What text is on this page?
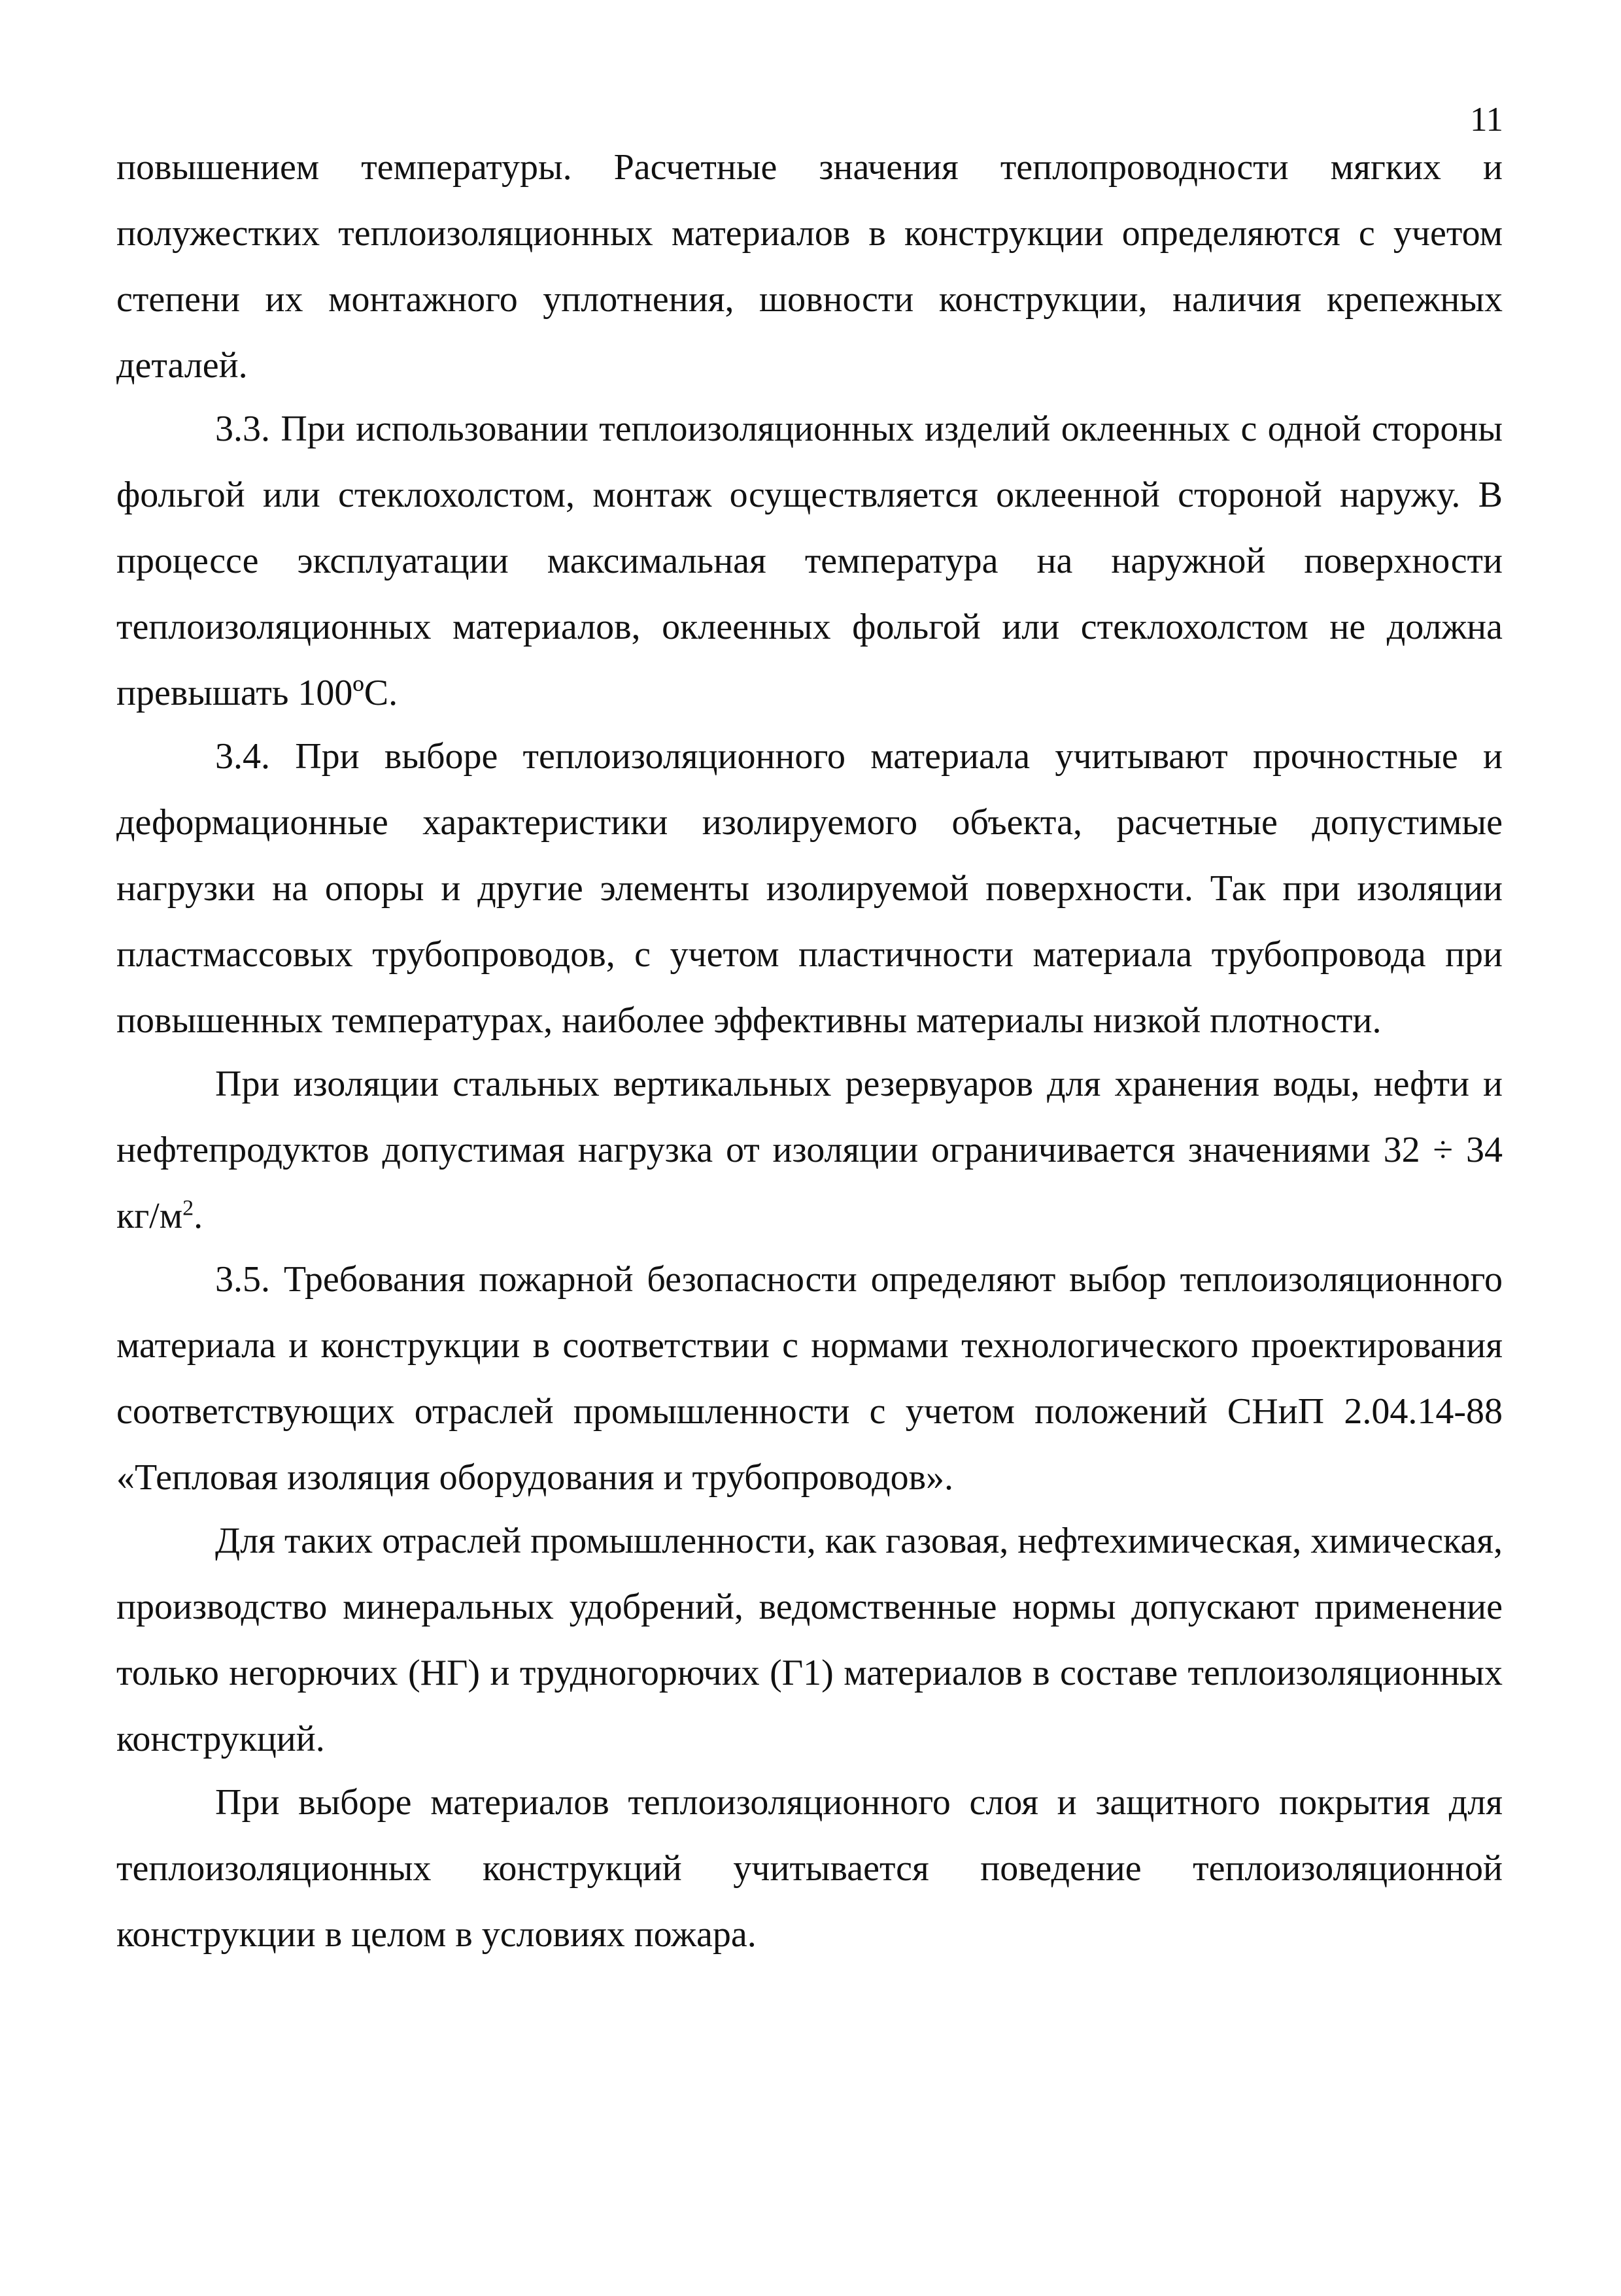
11

повышением температуры. Расчетные значения теплопроводности мягких и полужестких теплоизоляционных материалов в конструкции определяются с учетом степени их монтажного уплотнения, шовности конструкции, наличия крепежных деталей.

3.3. При использовании теплоизоляционных изделий оклеенных с одной стороны фольгой или стеклохолстом, монтаж осуществляется оклеенной стороной наружу. В процессе эксплуатации максимальная температура на наружной поверхности теплоизоляционных материалов, оклеенных фольгой или стеклохолстом не должна превышать 100ºС.

3.4. При выборе теплоизоляционного материала учитывают прочностные и деформационные характеристики изолируемого объекта, расчетные допустимые нагрузки на опоры и другие элементы изолируемой поверхности. Так при изоляции пластмассовых трубопроводов, с учетом пластичности материала трубопровода при повышенных температурах, наиболее эффективны материалы низкой плотности.

При изоляции стальных вертикальных резервуаров для хранения воды, нефти и нефтепродуктов допустимая нагрузка от изоляции ограничивается значениями 32 ÷ 34 $кг/м^2$.

3.5. Требования пожарной безопасности определяют выбор теплоизоляционного материала и конструкции в соответствии с нормами технологического проектирования соответствующих отраслей промышленности с учетом положений СНиП 2.04.14-88 «Тепловая изоляция оборудования и трубопроводов».

Для таких отраслей промышленности, как газовая, нефтехимическая, химическая, производство минеральных удобрений, ведомственные нормы допускают применение только негорючих (НГ) и трудногорючих (Г1) материалов в составе теплоизоляционных конструкций.

При выборе материалов теплоизоляционного слоя и защитного покрытия для теплоизоляционных конструкций учитывается поведение теплоизоляционной конструкции в целом в условиях пожара.
